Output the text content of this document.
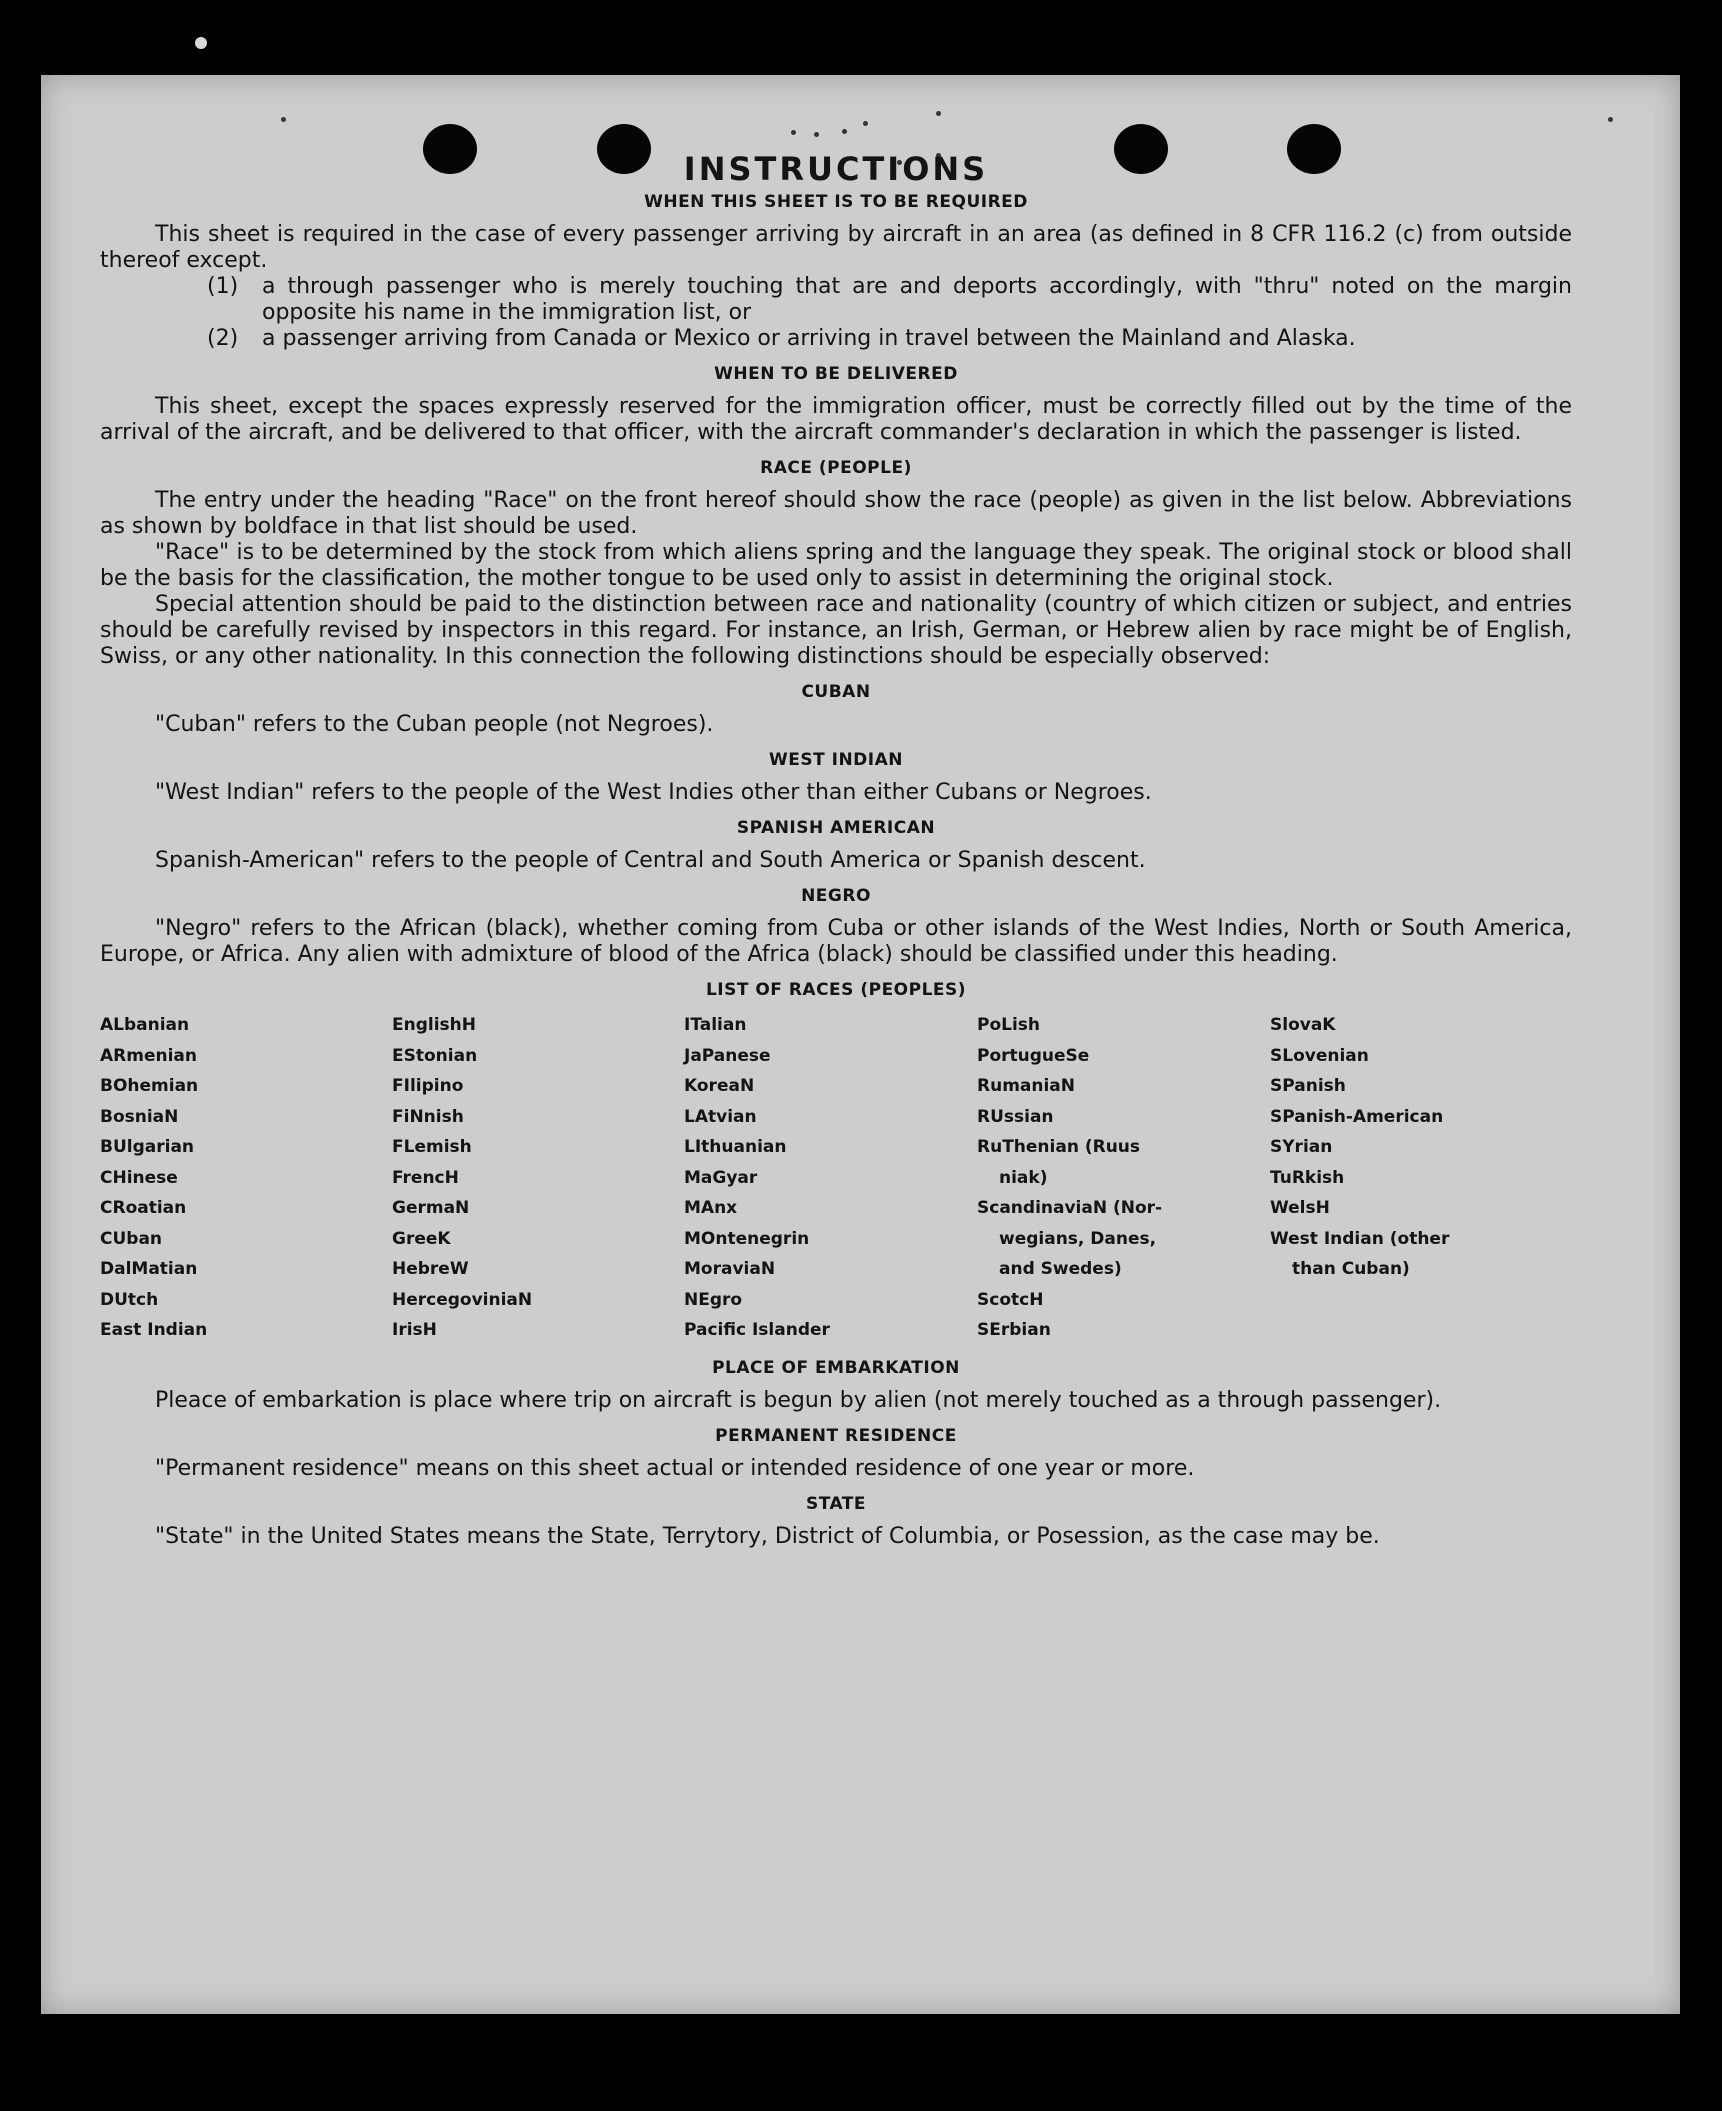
INSTRUCTIONS
WHEN THIS SHEET IS TO BE REQUIRED

This sheet is required in the case of every passenger arriving by aircraft in an area (as defined in 8 CFR 116.2 (c) from outside thereof except.

(1)	a through passenger who is merely touching that are and deports accordingly, with "thru" noted on the margin opposite his name in the immigration list, or
(2)	a passenger arriving from Canada or Mexico or arriving in travel between the Mainland and Alaska.
WHEN TO BE DELIVERED

This sheet, except the spaces expressly reserved for the immigration officer, must be correctly filled out by the time of the arrival of the aircraft, and be delivered to that officer, with the aircraft commander's declaration in which the passenger is listed.

RACE (PEOPLE)

The entry under the heading "Race" on the front hereof should show the race (people) as given in the list below. Abbreviations as shown by boldface in that list should be used.

"Race" is to be determined by the stock from which aliens spring and the language they speak. The original stock or blood shall be the basis for the classification, the mother tongue to be used only to assist in determining the original stock.

Special attention should be paid to the distinction between race and nationality (country of which citizen or subject, and entries should be carefully revised by inspectors in this regard. For instance, an Irish, German, or Hebrew alien by race might be of English, Swiss, or any other nationality. In this connection the following distinctions should be especially observed:

CUBAN

"Cuban" refers to the Cuban people (not Negroes).

WEST INDIAN

"West Indian" refers to the people of the West Indies other than either Cubans or Negroes.

SPANISH AMERICAN

Spanish-American" refers to the people of Central and South America or Spanish descent.

NEGRO

"Negro" refers to the African (black), whether coming from Cuba or other islands of the West Indies, North or South America, Europe, or Africa. Any alien with admixture of blood of the Africa (black) should be classified under this heading.

LIST OF RACES (PEOPLES)
ALbanian
ARmenian
BOhemian
BosniaN
BUlgarian
CHinese
CRoatian
CUban
DalMatian
DUtch
East Indian
EnglishH
EStonian
FIlipino
FiNnish
FLemish
FrencH
GermaN
GreeK
HebreW
HercegoviniaN
IrisH
ITalian
JaPanese
KoreaN
LAtvian
LIthuanian
MaGyar
MAnx
MOntenegrin
MoraviaN
NEgro
Pacific Islander
PoLish
PortugueSe
RumaniaN
RUssian
RuThenian (Ruus
niak)
ScandinaviaN (Nor-
wegians, Danes,
and Swedes)
ScotcH
SErbian
SlovaK
SLovenian
SPanish
SPanish-American
SYrian
TuRkish
WelsH
West Indian (other
than Cuban)
PLACE OF EMBARKATION

Pleace of embarkation is place where trip on aircraft is begun by alien (not merely touched as a through passenger).

PERMANENT RESIDENCE

"Permanent residence" means on this sheet actual or intended residence of one year or more.

STATE

"State" in the United States means the State, Terrytory, District of Columbia, or Posession, as the case may be.
